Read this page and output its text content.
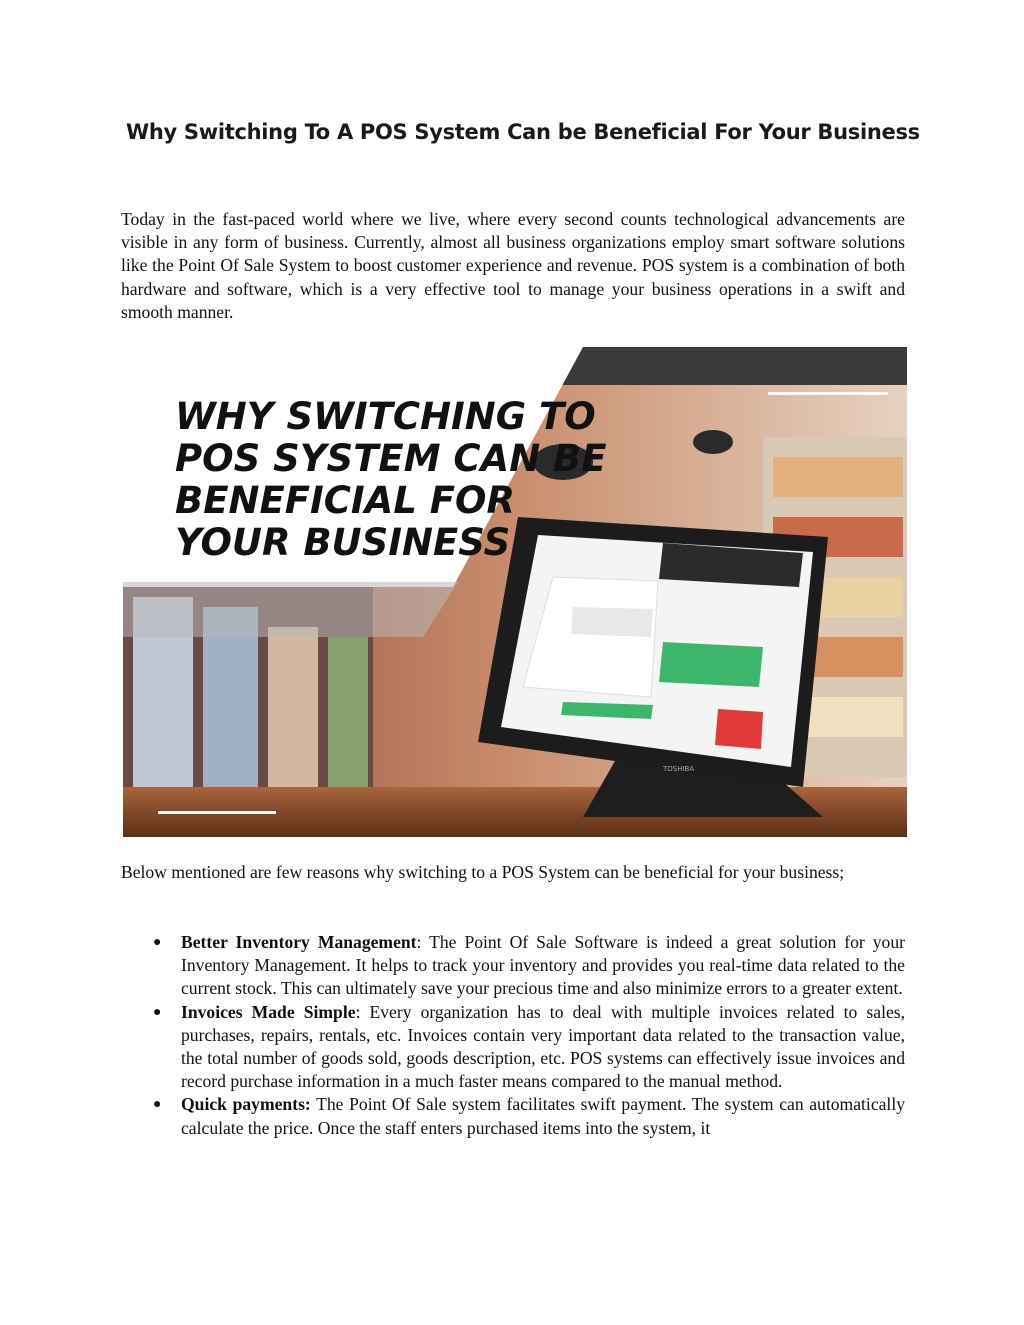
Why Switching To A POS System Can be Beneficial For Your Business

Today in the fast-paced world where we live, where every second counts technological advancements are visible in any form of business. Currently, almost all business organizations employ smart software solutions like the Point Of Sale System to boost customer experience and revenue. POS system is a combination of both hardware and software, which is a very effective tool to manage your business operations in a swift and smooth manner.

WHY SWITCHING TO
POS SYSTEM CAN BE
BENEFICIAL FOR
YOUR BUSINESS
TOSHIBA

Below mentioned are few reasons why switching to a POS System can be beneficial for your business;

● Better Inventory Management: The Point Of Sale Software is indeed a great solution for your Inventory Management. It helps to track your inventory and provides you real-time data related to the current stock. This can ultimately save your precious time and also minimize errors to a greater extent.
● Invoices Made Simple: Every organization has to deal with multiple invoices related to sales, purchases, repairs, rentals, etc. Invoices contain very important data related to the transaction value, the total number of goods sold, goods description, etc. POS systems can effectively issue invoices and record purchase information in a much faster means compared to the manual method.
● Quick payments: The Point Of Sale system facilitates swift payment. The system can automatically calculate the price. Once the staff enters purchased items into the system, it
